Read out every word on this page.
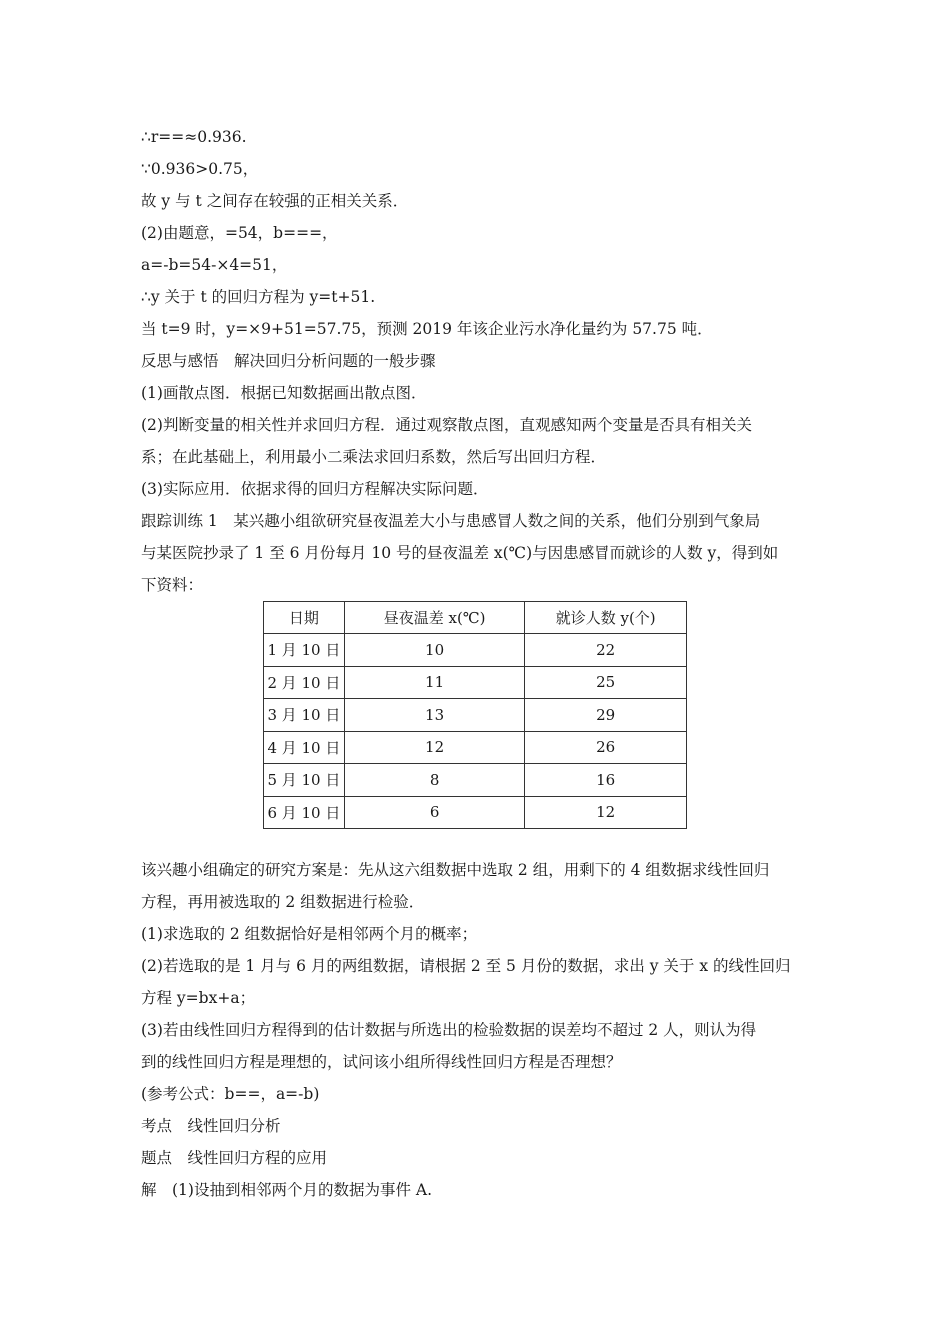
∴r==≈0.936.
∵0.936>0.75，
故 y 与 t 之间存在较强的正相关关系．
(2)由题意，=54，b===，
a=-b=54-×4=51，
∴y 关于 t 的回归方程为 y=t+51.
当 t=9 时，y=×9+51=57.75，预测 2019 年该企业污水净化量约为 57.75 吨．
反思与感悟　解决回归分析问题的一般步骤
(1)画散点图．根据已知数据画出散点图．
(2)判断变量的相关性并求回归方程．通过观察散点图，直观感知两个变量是否具有相关关
系；在此基础上，利用最小二乘法求回归系数，然后写出回归方程．
(3)实际应用．依据求得的回归方程解决实际问题．
跟踪训练 1　某兴趣小组欲研究昼夜温差大小与患感冒人数之间的关系，他们分别到气象局
与某医院抄录了 1 至 6 月份每月 10 号的昼夜温差 x(℃)与因患感冒而就诊的人数 y，得到如
下资料：
日期	昼夜温差 x(℃)	就诊人数 y(个)
1 月 10 日	10	22
2 月 10 日	11	25
3 月 10 日	13	29
4 月 10 日	12	26
5 月 10 日	8	16
6 月 10 日	6	12
该兴趣小组确定的研究方案是：先从这六组数据中选取 2 组，用剩下的 4 组数据求线性回归
方程，再用被选取的 2 组数据进行检验．
(1)求选取的 2 组数据恰好是相邻两个月的概率；
(2)若选取的是 1 月与 6 月的两组数据，请根据 2 至 5 月份的数据，求出 y 关于 x 的线性回归
方程 y=bx+a；
(3)若由线性回归方程得到的估计数据与所选出的检验数据的误差均不超过 2 人，则认为得
到的线性回归方程是理想的，试问该小组所得线性回归方程是否理想？
(参考公式：b==，a=-b)
考点　线性回归分析
题点　线性回归方程的应用
解　(1)设抽到相邻两个月的数据为事件 A.
